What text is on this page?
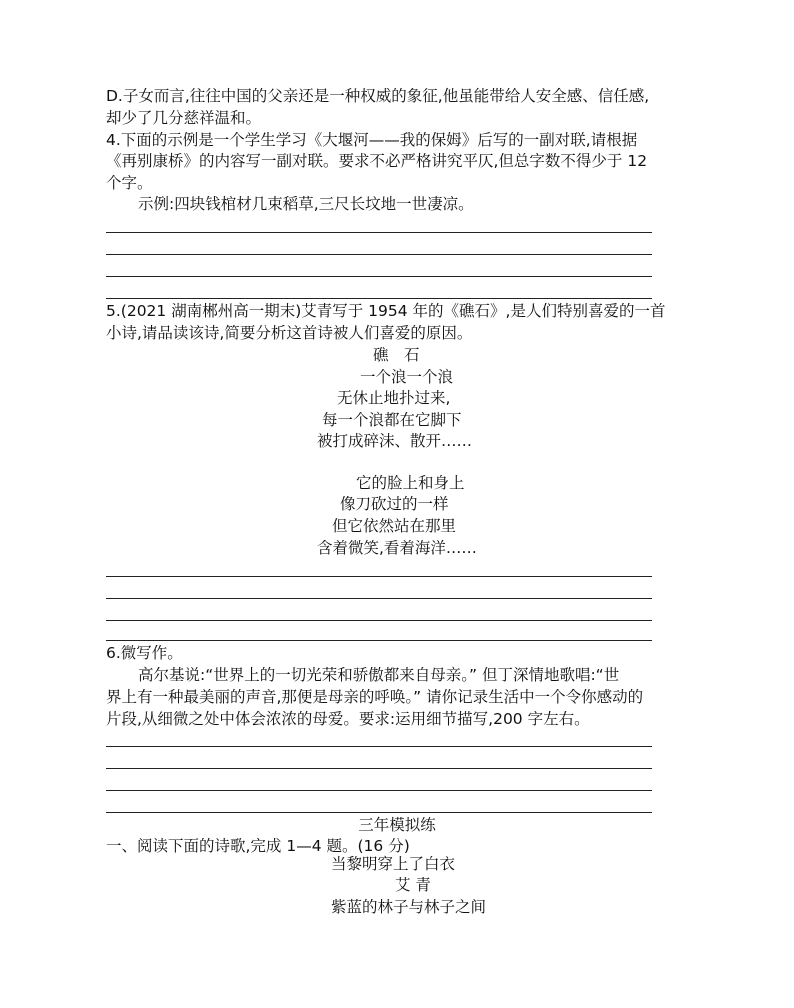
D.子女而言,往往中国的父亲还是一种权威的象征,他虽能带给人安全感、信任感,
却少了几分慈祥温和。
4.下面的示例是一个学生学习《大堰河——我的保姆》后写的一副对联,请根据
《再别康桥》的内容写一副对联。要求不必严格讲究平仄,但总字数不得少于 12
个字。
示例:四块钱棺材几束稻草,三尺长坟地一世凄凉。
5.(2021 湖南郴州高一期末)艾青写于 1954 年的《礁石》,是人们特别喜爱的一首
小诗,请品读该诗,简要分析这首诗被人们喜爱的原因。
礁　石
一个浪一个浪
无休止地扑过来,
每一个浪都在它脚下
被打成碎沫、散开……
它的脸上和身上
像刀砍过的一样
但它依然站在那里
含着微笑,看着海洋……
6.微写作。
高尔基说:“世界上的一切光荣和骄傲都来自母亲。” 但丁深情地歌唱:“世
界上有一种最美丽的声音,那便是母亲的呼唤。” 请你记录生活中一个令你感动的
片段,从细微之处中体会浓浓的母爱。要求:运用细节描写,200 字左右。
三年模拟练
一、阅读下面的诗歌,完成 1—4 题。(16 分)
当黎明穿上了白衣
艾 青
紫蓝的林子与林子之间
